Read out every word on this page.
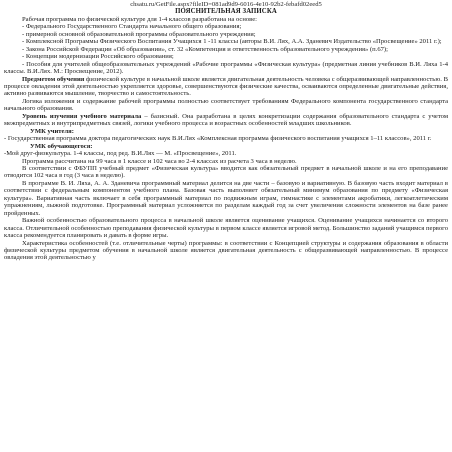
chsatu.ru/GetFile.aspx?fileID=081ad9d9-6016-4e10-92b2-febafd02eed5
ПОЯСНИТЕЛЬНАЯ ЗАПИСКА

Рабочая программа по физической культуре для 1-4 классов разработана на основе:

- Федерального Государственного Стандарта начального общего образования;

- примерной основной образовательной программы образовательного учреждения;

- Комплексной Программы Физического Воспитания Учащихся 1 -11 классы (авторы В.И. Лях, А.А. Зданевич Издательство «Просвещение» 2011 г.);

- Закона Российской Федерации «Об образовании», ст. 32 «Компетенция и ответственность образовательного учреждения» (п.67);

- Концепции модернизации Российского образования;

- Пособия для учителей общеобразовательных учреждений «Рабочие программы «Физическая культура» (предметная линия учебников В.И. Ляха 1-4 классы. В.И.Лях. М.: Просвещение, 2012).

Предметом обучения физической культуре в начальной школе является двигательная деятельность человека с общеразвивающей направленностью. В процессе овладения этой деятельностью укрепляется здоровье, совершенствуются физические качества, осваиваются определенные двигательные действия, активно развиваются мышление, творчество и самостоятельность.

Логика изложения и содержание рабочей программы полностью соответствует требованиям Федерального компонента государственного стандарта начального образования.

Уровень изучения учебного материала – базисный. Она разработана в целях конкретизации содержания образовательного стандарта с учетом межпредметных и внутрипредметных связей, логики учебного процесса и возрастных особенностей младших школьников.

УМК учителя:

- Государственная программа доктора педагогических наук В.И.Лях «Комплексная программа физического воспитания учащихся 1–11 классов», 2011 г.

УМК обучающегося:

-Мой друг-физкультура. 1-4 классы, под ред. В.И.Лях — М. «Просвещение», 2011.

Программа рассчитана на 99 часа в 1 классе и 102 часа во 2-4 классах из расчета 3 часа в неделю.

В соответствии с ФБУПП учебный предмет «Физическая культура» вводится как обязательный предмет в начальной школе и на его преподавание отводится 102 часа в год (3 часа в неделю).

В программе В. И. Ляха, А. А. Зданевича программный материал делится на две части – базовую и вариативную. В базовую часть входит материал в соответствии с федеральным компонентом учебного плана. Базовая часть выполняет обязательный минимум образования по предмету «Физическая культура». Вариативная часть включает в себя программный материал по подвижным играм, гимнастике с элементами акробатики, легкоатлетическим упражнениям, лыжной подготовке. Программный материал усложняется по разделам каждый год за счет увеличения сложности элементов на базе ранее пройденных.

Важной особенностью образовательного процесса в начальной школе является оценивание учащихся. Оценивание учащихся начинается со второго класса. Отличительной особенностью преподавания физической культуры в первом классе является игровой метод. Большинство заданий учащимся первого класса рекомендуется планировать и давать в форме игры.

Характеристика особенностей (т.е. отличительные черты) программы: в соответствии с Концепцией структуры и содержания образования в области физической культуры предметом обучения в начальной школе является двигательная деятельность с общеразвивающей направленностью. В процессе овладения этой деятельностью у
